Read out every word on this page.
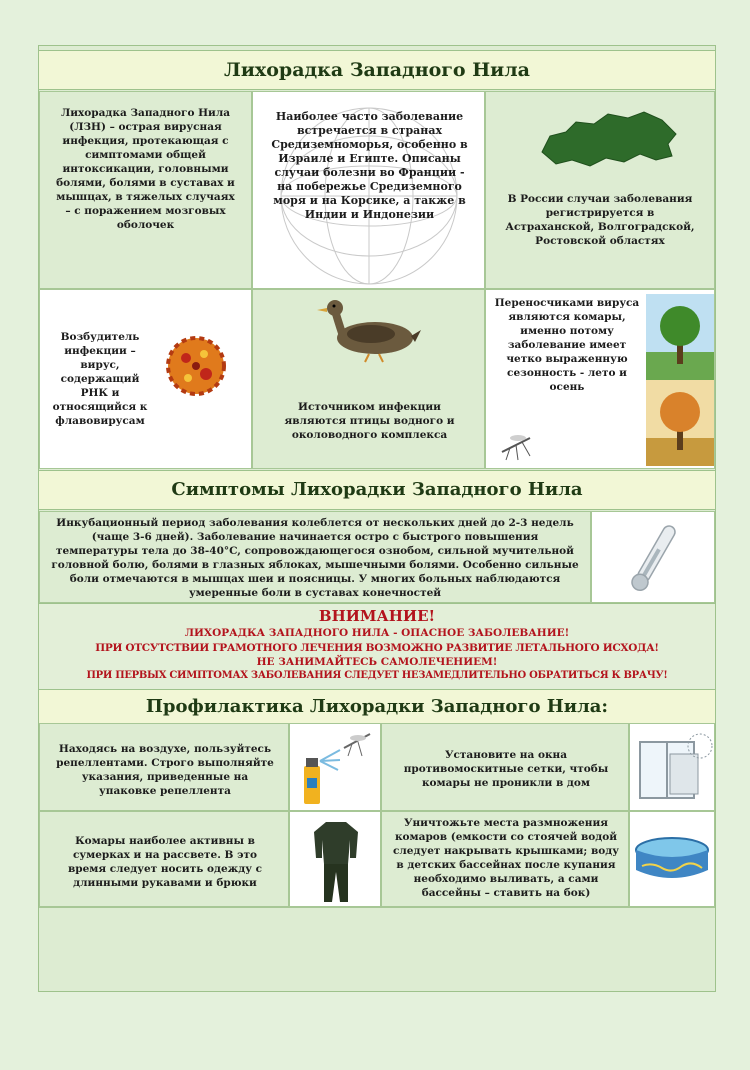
Лихорадка Западного Нила
Лихорадка Западного Нила (ЛЗН) – острая вирусная инфекция, протекающая с симптомами общей интоксикации, головными болями, болями в суставах и мышцах, в тяжелых случаях – с поражением мозговых оболочек
Наиболее часто заболевание встречается в странах Средиземноморья, особенно в Израиле и Египте. Описаны случаи болезни во Франции - на побережье Средиземного моря и на Корсике, а также в Индии и Индонезии
В России случаи заболевания регистрируется в Астраханской, Волгоградской, Ростовской областях
Возбудитель инфекции – вирус, содержащий РНК и относящийся к флавовирусам
Источником инфекции являются птицы водного и околоводного комплекса
Переносчиками вируса являются комары, именно потому заболевание имеет четко выраженную сезонность - лето и осень
Симптомы Лихорадки Западного Нила
Инкубационный период заболевания колеблется от нескольких дней до 2-3 недель (чаще 3-6 дней). Заболевание начинается остро с быстрого повышения температуры тела до 38-40°C, сопровождающегося ознобом, сильной мучительной головной болю, болями в глазных яблоках, мышечными болями. Особенно сильные боли отмечаются в мышцах шеи и поясницы. У многих больных наблюдаются умеренные боли в суставах конечностей
ВНИМАНИЕ!
ЛИХОРАДКА ЗАПАДНОГО НИЛА - ОПАСНОЕ ЗАБОЛЕВАНИЕ!
ПРИ ОТСУТСТВИИ ГРАМОТНОГО ЛЕЧЕНИЯ ВОЗМОЖНО РАЗВИТИЕ ЛЕТАЛЬНОГО ИСХОДА!
НЕ ЗАНИМАЙТЕСЬ САМОЛЕЧЕНИЕМ!
ПРИ ПЕРВЫХ СИМПТОМАХ ЗАБОЛЕВАНИЯ СЛЕДУЕТ НЕЗАМЕДЛИТЕЛЬНО ОБРАТИТЬСЯ К ВРАЧУ!
Профилактика Лихорадки Западного Нила:
Находясь на воздухе, пользуйтесь репеллентами. Строго выполняйте указания, приведенные на упаковке репеллента
Установите на окна противомоскитные сетки, чтобы комары не проникли в дом
Комары наиболее активны в сумерках и на рассвете. В это время следует носить одежду с длинными рукавами и брюки
Уничтожьте места размножения комаров (емкости со стоячей водой следует накрывать крышками; воду в детских бассейнах после купания необходимо выливать, а сами бассейны – ставить на бок)
